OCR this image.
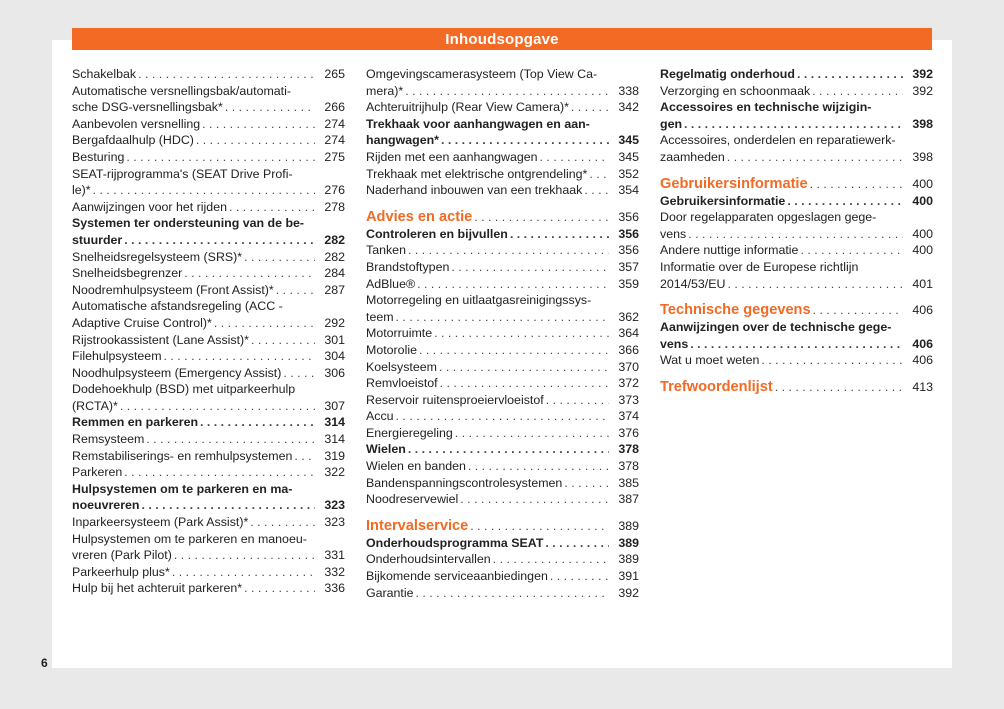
Inhoudsopgave
Schakelbak . . .	265
Automatische versnellingsbak/automati-
sche DSG-versnellingsbak* . . .	266
Aanbevolen versnelling . . .	274
Bergafdaalhulp (HDC) . . .	274
Besturing . . .	275
SEAT-rijprogramma's (SEAT Drive Profi-
le)* . . .	276
Aanwijzingen voor het rijden . . .	278
Systemen ter ondersteuning van de be-
stuurder . . .	282
Snelheidsregelsysteem (SRS)* . . .	282
Snelheidsbegrenzer . . .	284
Noodremhulpsysteem (Front Assist)* . . .	287
Automatische afstandsregeling (ACC -
Adaptive Cruise Control)* . . .	292
Rijstrookassistent (Lane Assist)* . . .	301
Filehulpsysteem . . .	304
Noodhulpsysteem (Emergency Assist) . . .	306
Dodehoekhulp (BSD) met uitparkeerhulp
(RCTA)* . . .	307
Remmen en parkeren . . .	314
Remsysteem . . .	314
Remstabiliserings- en remhulpsystemen . . .	319
Parkeren . . .	322
Hulpsystemen om te parkeren en ma-
noeuvreren . . .	323
Inparkeersysteem (Park Assist)* . . .	323
Hulpsystemen om te parkeren en manoeu-
vreren (Park Pilot) . . .	331
Parkeerhulp plus* . . .	332
Hulp bij het achteruit parkeren* . . .	336
Omgevingscamerasysteem (Top View Ca-
mera)* . . .	338
Achteruitrijhulp (Rear View Camera)* . . .	342
Trekhaak voor aanhangwagen en aan-
hangwagen* . . .	345
Rijden met een aanhangwagen . . .	345
Trekhaak met elektrische ontgrendeling* . . .	352
Naderhand inbouwen van een trekhaak . . .	354
Advies en actie . . .	356
Controleren en bijvullen . . .	356
Tanken . . .	356
Brandstoftypen . . .	357
AdBlue® . . .	359
Motorregeling en uitlaatgasreinigingssys-
teem . . .	362
Motorruimte . . .	364
Motorolie . . .	366
Koelsysteem . . .	370
Remvloeistof . . .	372
Reservoir ruitensproeiervloeistof . . .	373
Accu . . .	374
Energieregeling . . .	376
Wielen . . .	378
Wielen en banden . . .	378
Bandenspanningscontrolesystemen . . .	385
Noodreservewiel . . .	387
Intervalservice . . .	389
Onderhoudsprogramma SEAT . . .	389
Onderhoudsintervallen . . .	389
Bijkomende serviceaanbiedingen . . .	391
Garantie . . .	392
Regelmatig onderhoud . . .	392
Verzorging en schoonmaak . . .	392
Accessoires en technische wijzigin-
gen . . .	398
Accessoires, onderdelen en reparatiewerk-
zaamheden . . .	398
Gebruikersinformatie . . .	400
Gebruikersinformatie . . .	400
Door regelapparaten opgeslagen gege-
vens . . .	400
Andere nuttige informatie . . .	400
Informatie over de Europese richtlijn
2014/53/EU . . .	401
Technische gegevens . . .	406
Aanwijzingen over de technische gege-
vens . . .	406
Wat u moet weten . . .	406
Trefwoordenlijst . . .	413
6
